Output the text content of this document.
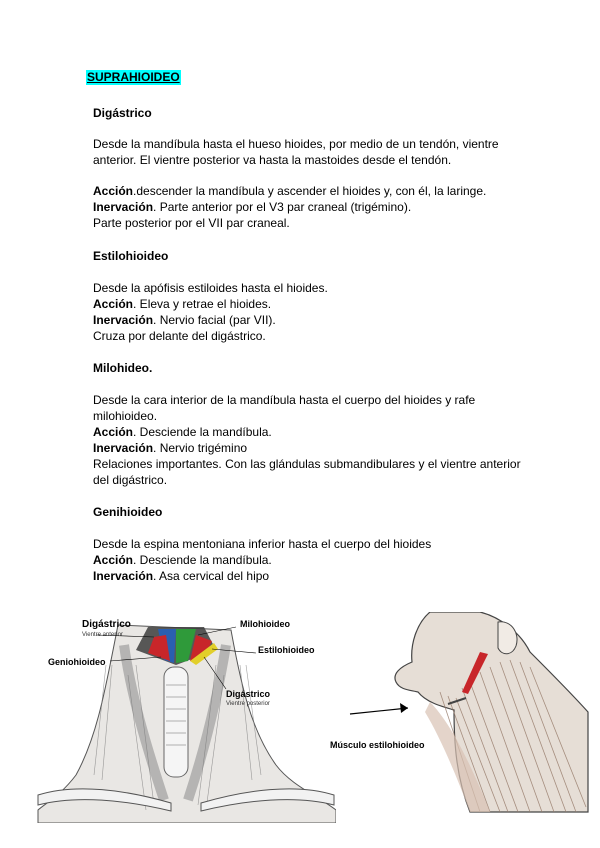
SUPRAHIOIDEO
Digástrico

Desde la mandíbula hasta el hueso hioides, por medio de un tendón, vientre

anterior. El vientre posterior va hasta la mastoides desde el tendón.

Acción.descender la mandíbula y ascender el hioides y, con él, la laringe.

Inervación. Parte anterior por el V3 par craneal (trigémino).

Parte posterior por el VII par craneal.

Estilohioideo

Desde la apófisis estiloides hasta el hioides.

Acción. Eleva y retrae el hioides.

Inervación. Nervio facial (par VII).

Cruza por delante del digástrico.

Milohideo.

Desde la cara interior de la mandíbula hasta el cuerpo del hioides y rafe

milohioideo.

Acción. Desciende la mandíbula.

Inervación. Nervio trigémino

Relaciones importantes. Con las glándulas submandibulares y el vientre anterior

del digástrico.

Genihioideo

Desde la espina mentoniana inferior hasta el cuerpo del hioides

Acción. Desciende la mandíbula.

Inervación. Asa cervical del hipo

Digástrico
Vientre anterior
Geniohioideo
Milohioideo
Estilohioideo
Digástrico
Vientre posterior
Músculo estilohioideo
